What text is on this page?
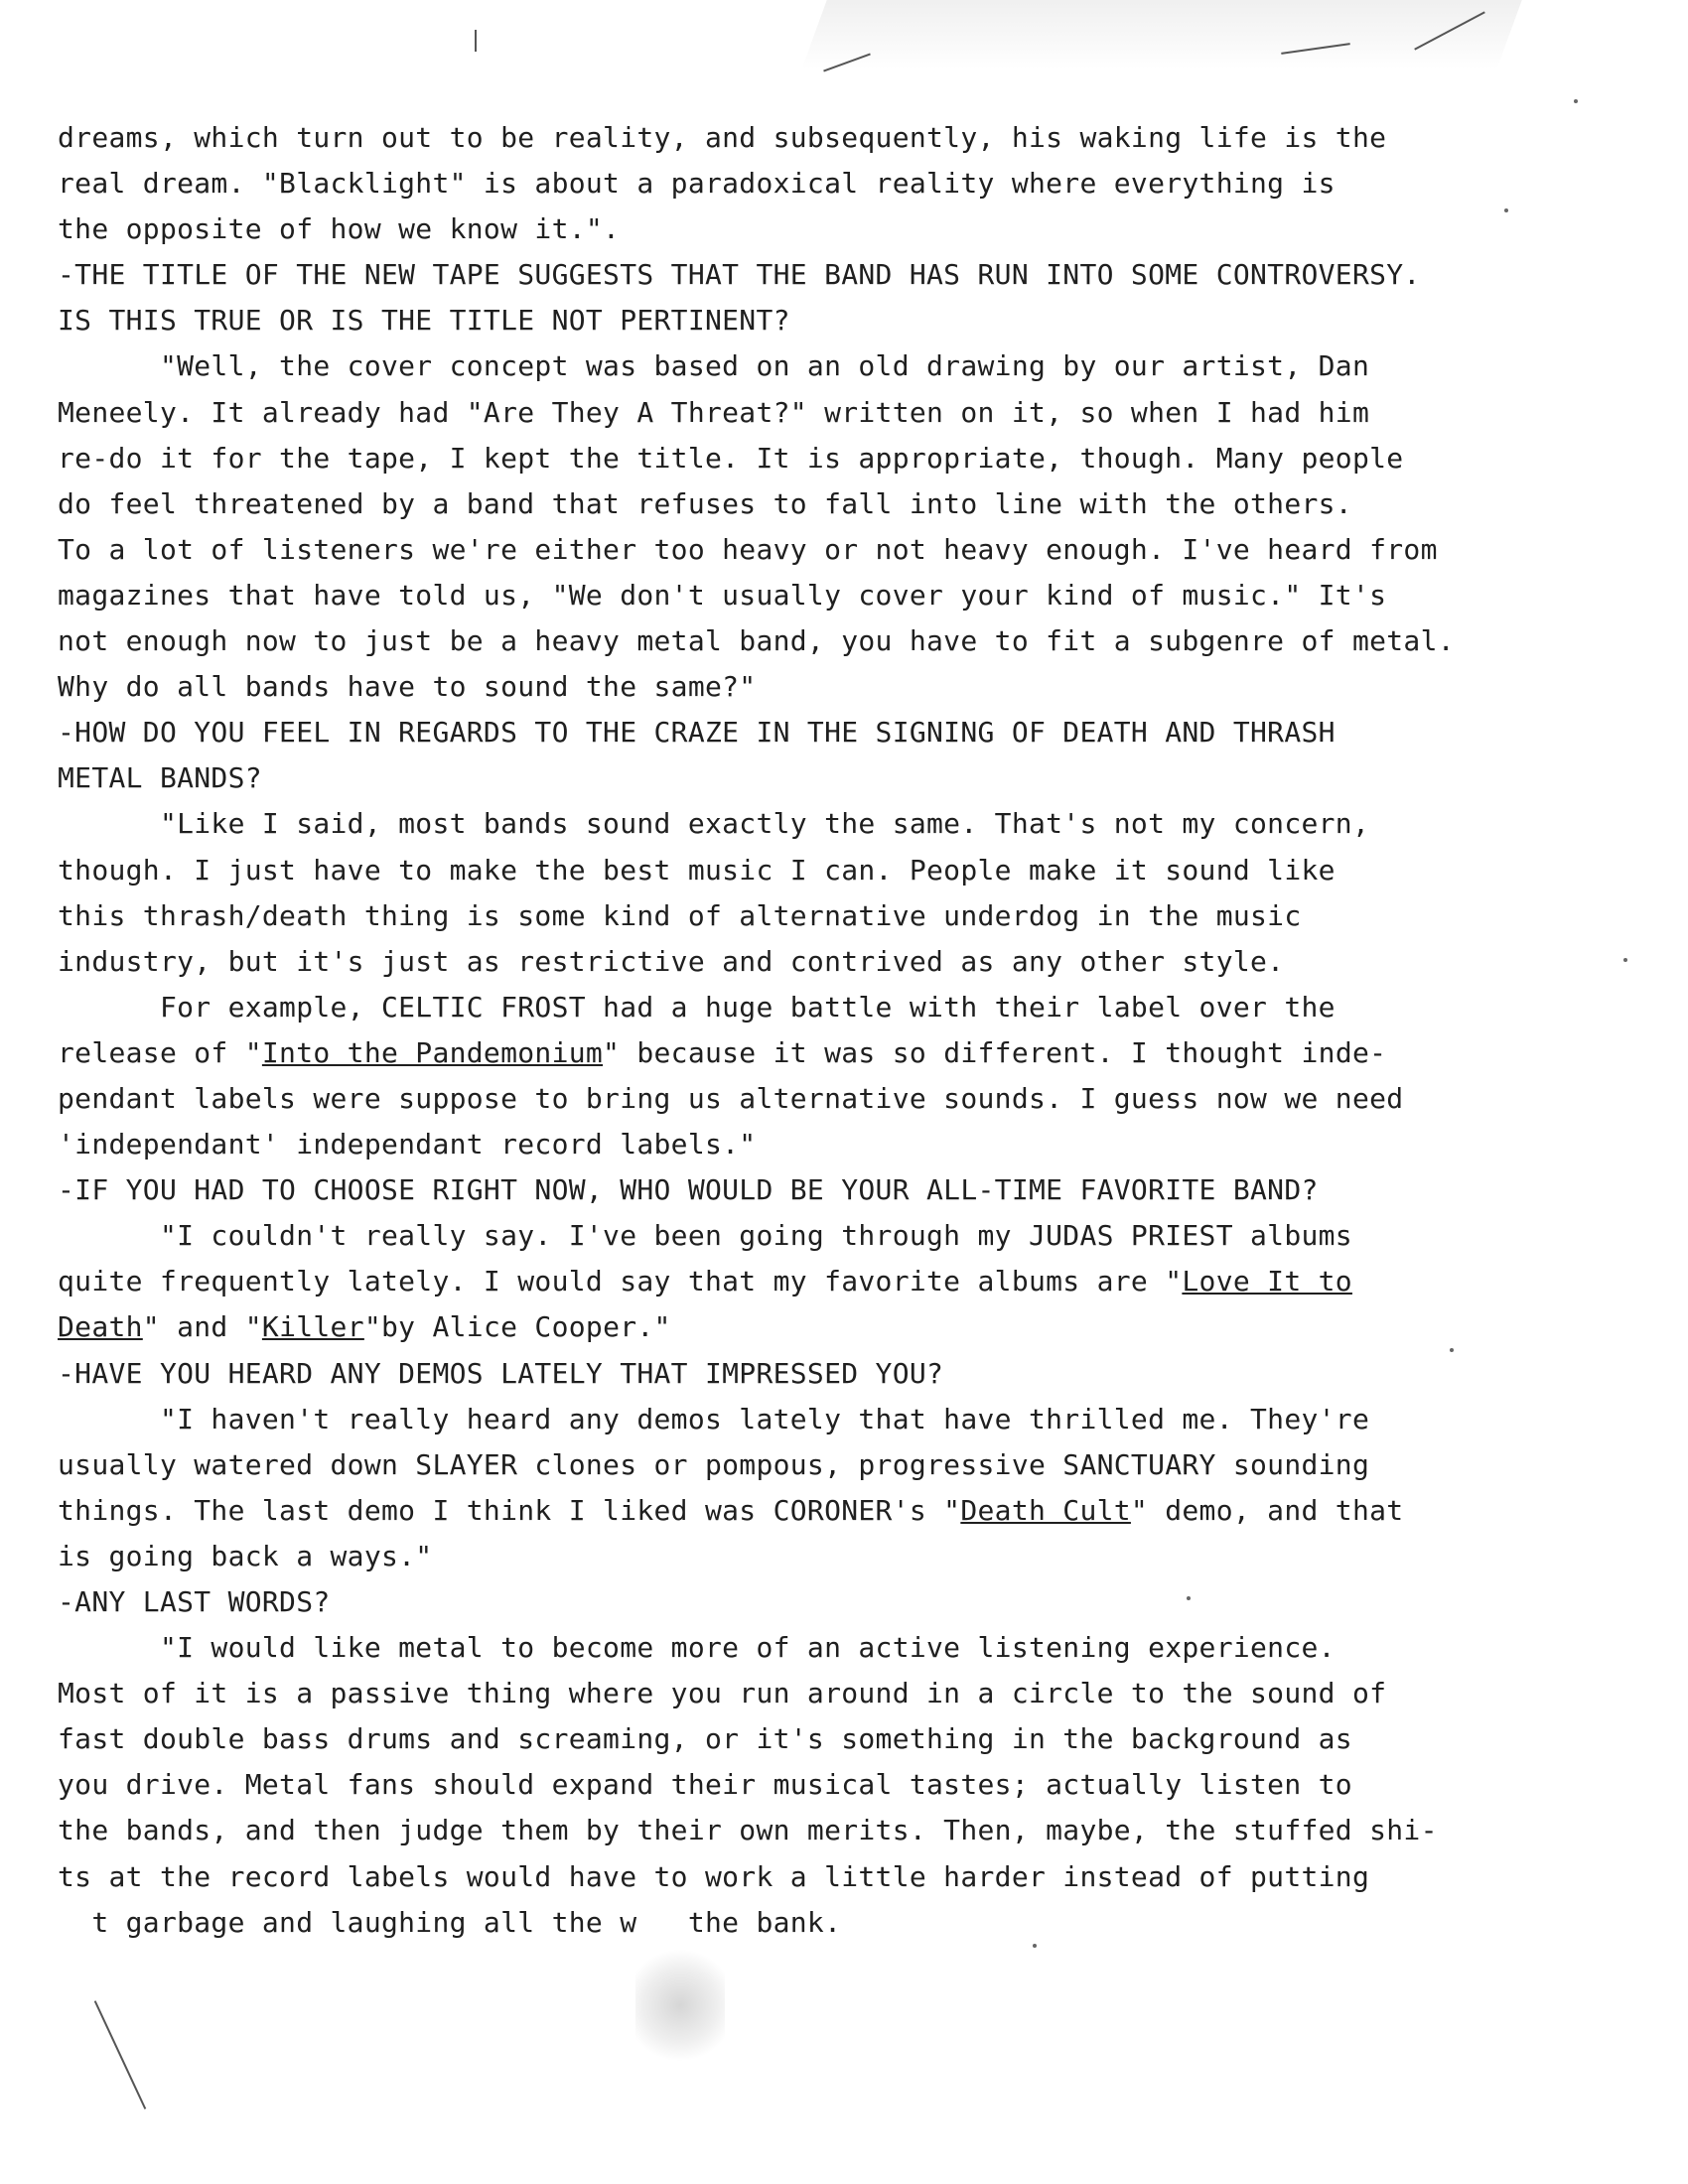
dreams, which turn out to be reality, and subsequently, his waking life is the
real dream. "Blacklight" is about a paradoxical reality where everything is
the opposite of how we know it.".
-THE TITLE OF THE NEW TAPE SUGGESTS THAT THE BAND HAS RUN INTO SOME CONTROVERSY.
IS THIS TRUE OR IS THE TITLE NOT PERTINENT?
"Well, the cover concept was based on an old drawing by our artist, Dan
Meneely. It already had "Are They A Threat?" written on it, so when I had him
re-do it for the tape, I kept the title. It is appropriate, though. Many people
do feel threatened by a band that refuses to fall into line with the others.
To a lot of listeners we're either too heavy or not heavy enough. I've heard from
magazines that have told us, "We don't usually cover your kind of music." It's
not enough now to just be a heavy metal band, you have to fit a subgenre of metal.
Why do all bands have to sound the same?"
-HOW DO YOU FEEL IN REGARDS TO THE CRAZE IN THE SIGNING OF DEATH AND THRASH
METAL BANDS?
"Like I said, most bands sound exactly the same. That's not my concern,
though. I just have to make the best music I can. People make it sound like
this thrash/death thing is some kind of alternative underdog in the music
industry, but it's just as restrictive and contrived as any other style.
For example, CELTIC FROST had a huge battle with their label over the
release of "Into the Pandemonium" because it was so different. I thought inde-
pendant labels were suppose to bring us alternative sounds. I guess now we need
'independant' independant record labels."
-IF YOU HAD TO CHOOSE RIGHT NOW, WHO WOULD BE YOUR ALL-TIME FAVORITE BAND?
"I couldn't really say. I've been going through my JUDAS PRIEST albums
quite frequently lately. I would say that my favorite albums are "Love It to
Death" and "Killer"by Alice Cooper."
-HAVE YOU HEARD ANY DEMOS LATELY THAT IMPRESSED YOU?
"I haven't really heard any demos lately that have thrilled me. They're
usually watered down SLAYER clones or pompous, progressive SANCTUARY sounding
things. The last demo I think I liked was CORONER's "Death Cult" demo, and that
is going back a ways."
-ANY LAST WORDS?
"I would like metal to become more of an active listening experience.
Most of it is a passive thing where you run around in a circle to the sound of
fast double bass drums and screaming, or it's something in the background as
you drive. Metal fans should expand their musical tastes; actually listen to
the bands, and then judge them by their own merits. Then, maybe, the stuffed shi-
ts at the record labels would have to work a little harder instead of putting
t garbage and laughing all the w   the bank.
